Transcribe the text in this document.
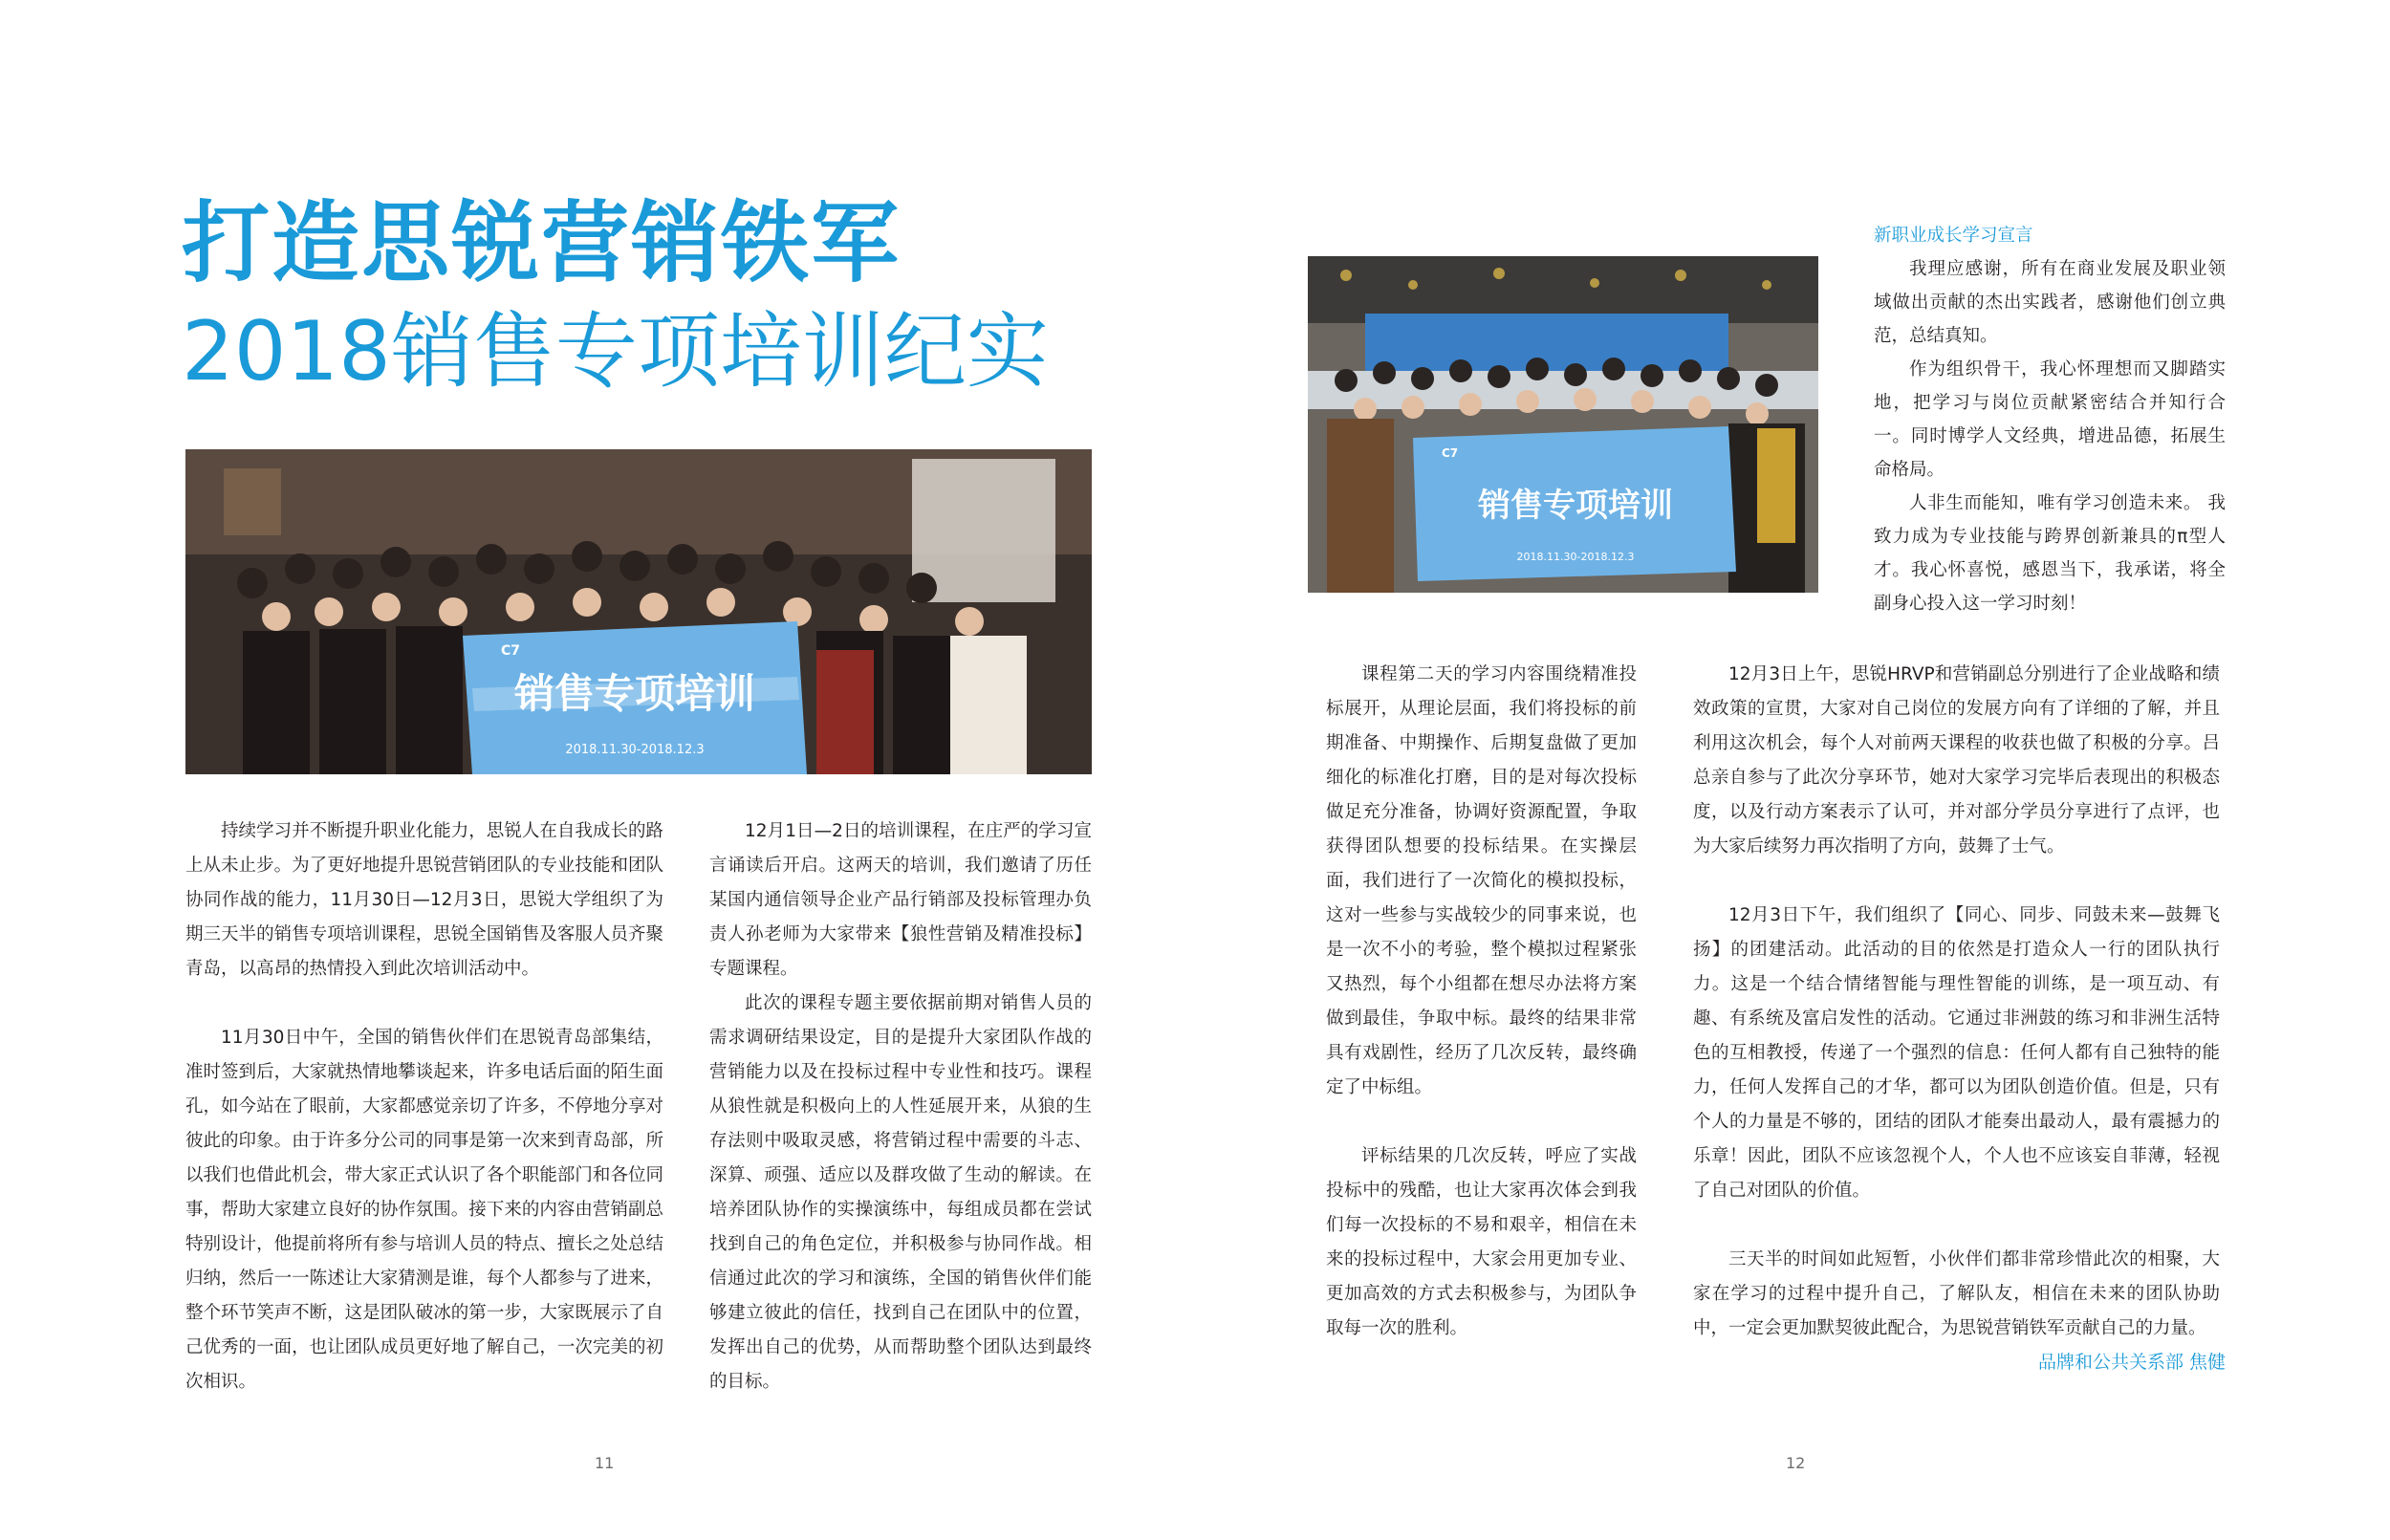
打造思锐营销铁军
2018销售专项培训纪实
销售专项培训
2018.11.30-2018.12.3
C7

持续学习并不断提升职业化能力，思锐人在自我成长的路上从未止步。为了更好地提升思锐营销团队的专业技能和团队协同作战的能力，11月30日—12月3日，思锐大学组织了为期三天半的销售专项培训课程，思锐全国销售及客服人员齐聚青岛，以高昂的热情投入到此次培训活动中。

11月30日中午，全国的销售伙伴们在思锐青岛部集结，准时签到后，大家就热情地攀谈起来，许多电话后面的陌生面孔，如今站在了眼前，大家都感觉亲切了许多，不停地分享对彼此的印象。由于许多分公司的同事是第一次来到青岛部，所以我们也借此机会，带大家正式认识了各个职能部门和各位同事，帮助大家建立良好的协作氛围。接下来的内容由营销副总特别设计，他提前将所有参与培训人员的特点、擅长之处总结归纳，然后一一陈述让大家猜测是谁，每个人都参与了进来，整个环节笑声不断，这是团队破冰的第一步，大家既展示了自己优秀的一面，也让团队成员更好地了解自己，一次完美的初次相识。

12月1日—2日的培训课程，在庄严的学习宣言诵读后开启。这两天的培训，我们邀请了历任某国内通信领导企业产品行销部及投标管理办负责人孙老师为大家带来【狼性营销及精准投标】专题课程。

此次的课程专题主要依据前期对销售人员的需求调研结果设定，目的是提升大家团队作战的营销能力以及在投标过程中专业性和技巧。课程从狼性就是积极向上的人性延展开来，从狼的生存法则中吸取灵感，将营销过程中需要的斗志、深算、顽强、适应以及群攻做了生动的解读。在培养团队协作的实操演练中，每组成员都在尝试找到自己的角色定位，并积极参与协同作战。相信通过此次的学习和演练，全国的销售伙伴们能够建立彼此的信任，找到自己在团队中的位置，发挥出自己的优势，从而帮助整个团队达到最终的目标。

11
销售专项培训
2018.11.30-2018.12.3
C7
新职业成长学习宣言

我理应感谢，所有在商业发展及职业领域做出贡献的杰出实践者，感谢他们创立典范，总结真知。

作为组织骨干，我心怀理想而又脚踏实地，把学习与岗位贡献紧密结合并知行合一。同时博学人文经典，增进品德，拓展生命格局。

人非生而能知，唯有学习创造未来。 我致力成为专业技能与跨界创新兼具的π型人才。我心怀喜悦，感恩当下，我承诺，将全副身心投入这一学习时刻！

课程第二天的学习内容围绕精准投标展开，从理论层面，我们将投标的前期准备、中期操作、后期复盘做了更加细化的标准化打磨，目的是对每次投标做足充分准备，协调好资源配置，争取获得团队想要的投标结果。在实操层面，我们进行了一次简化的模拟投标，这对一些参与实战较少的同事来说，也是一次不小的考验，整个模拟过程紧张又热烈，每个小组都在想尽办法将方案做到最佳，争取中标。最终的结果非常具有戏剧性，经历了几次反转，最终确定了中标组。

评标结果的几次反转，呼应了实战投标中的残酷，也让大家再次体会到我们每一次投标的不易和艰辛，相信在未来的投标过程中，大家会用更加专业、更加高效的方式去积极参与，为团队争取每一次的胜利。

12月3日上午，思锐HRVP和营销副总分别进行了企业战略和绩效政策的宣贯，大家对自己岗位的发展方向有了详细的了解，并且利用这次机会，每个人对前两天课程的收获也做了积极的分享。吕总亲自参与了此次分享环节，她对大家学习完毕后表现出的积极态度，以及行动方案表示了认可，并对部分学员分享进行了点评，也为大家后续努力再次指明了方向，鼓舞了士气。

12月3日下午，我们组织了【同心、同步、同鼓未来—鼓舞飞扬】的团建活动。此活动的目的依然是打造众人一行的团队执行力。这是一个结合情绪智能与理性智能的训练，是一项互动、有趣、有系统及富启发性的活动。它通过非洲鼓的练习和非洲生活特色的互相教授，传递了一个强烈的信息：任何人都有自己独特的能力，任何人发挥自己的才华，都可以为团队创造价值。但是，只有个人的力量是不够的，团结的团队才能奏出最动人，最有震撼力的乐章！因此，团队不应该忽视个人，个人也不应该妄自菲薄，轻视了自己对团队的价值。

三天半的时间如此短暂，小伙伴们都非常珍惜此次的相聚，大家在学习的过程中提升自己，了解队友，相信在未来的团队协助中，一定会更加默契彼此配合，为思锐营销铁军贡献自己的力量。

品牌和公共关系部 焦健
12
